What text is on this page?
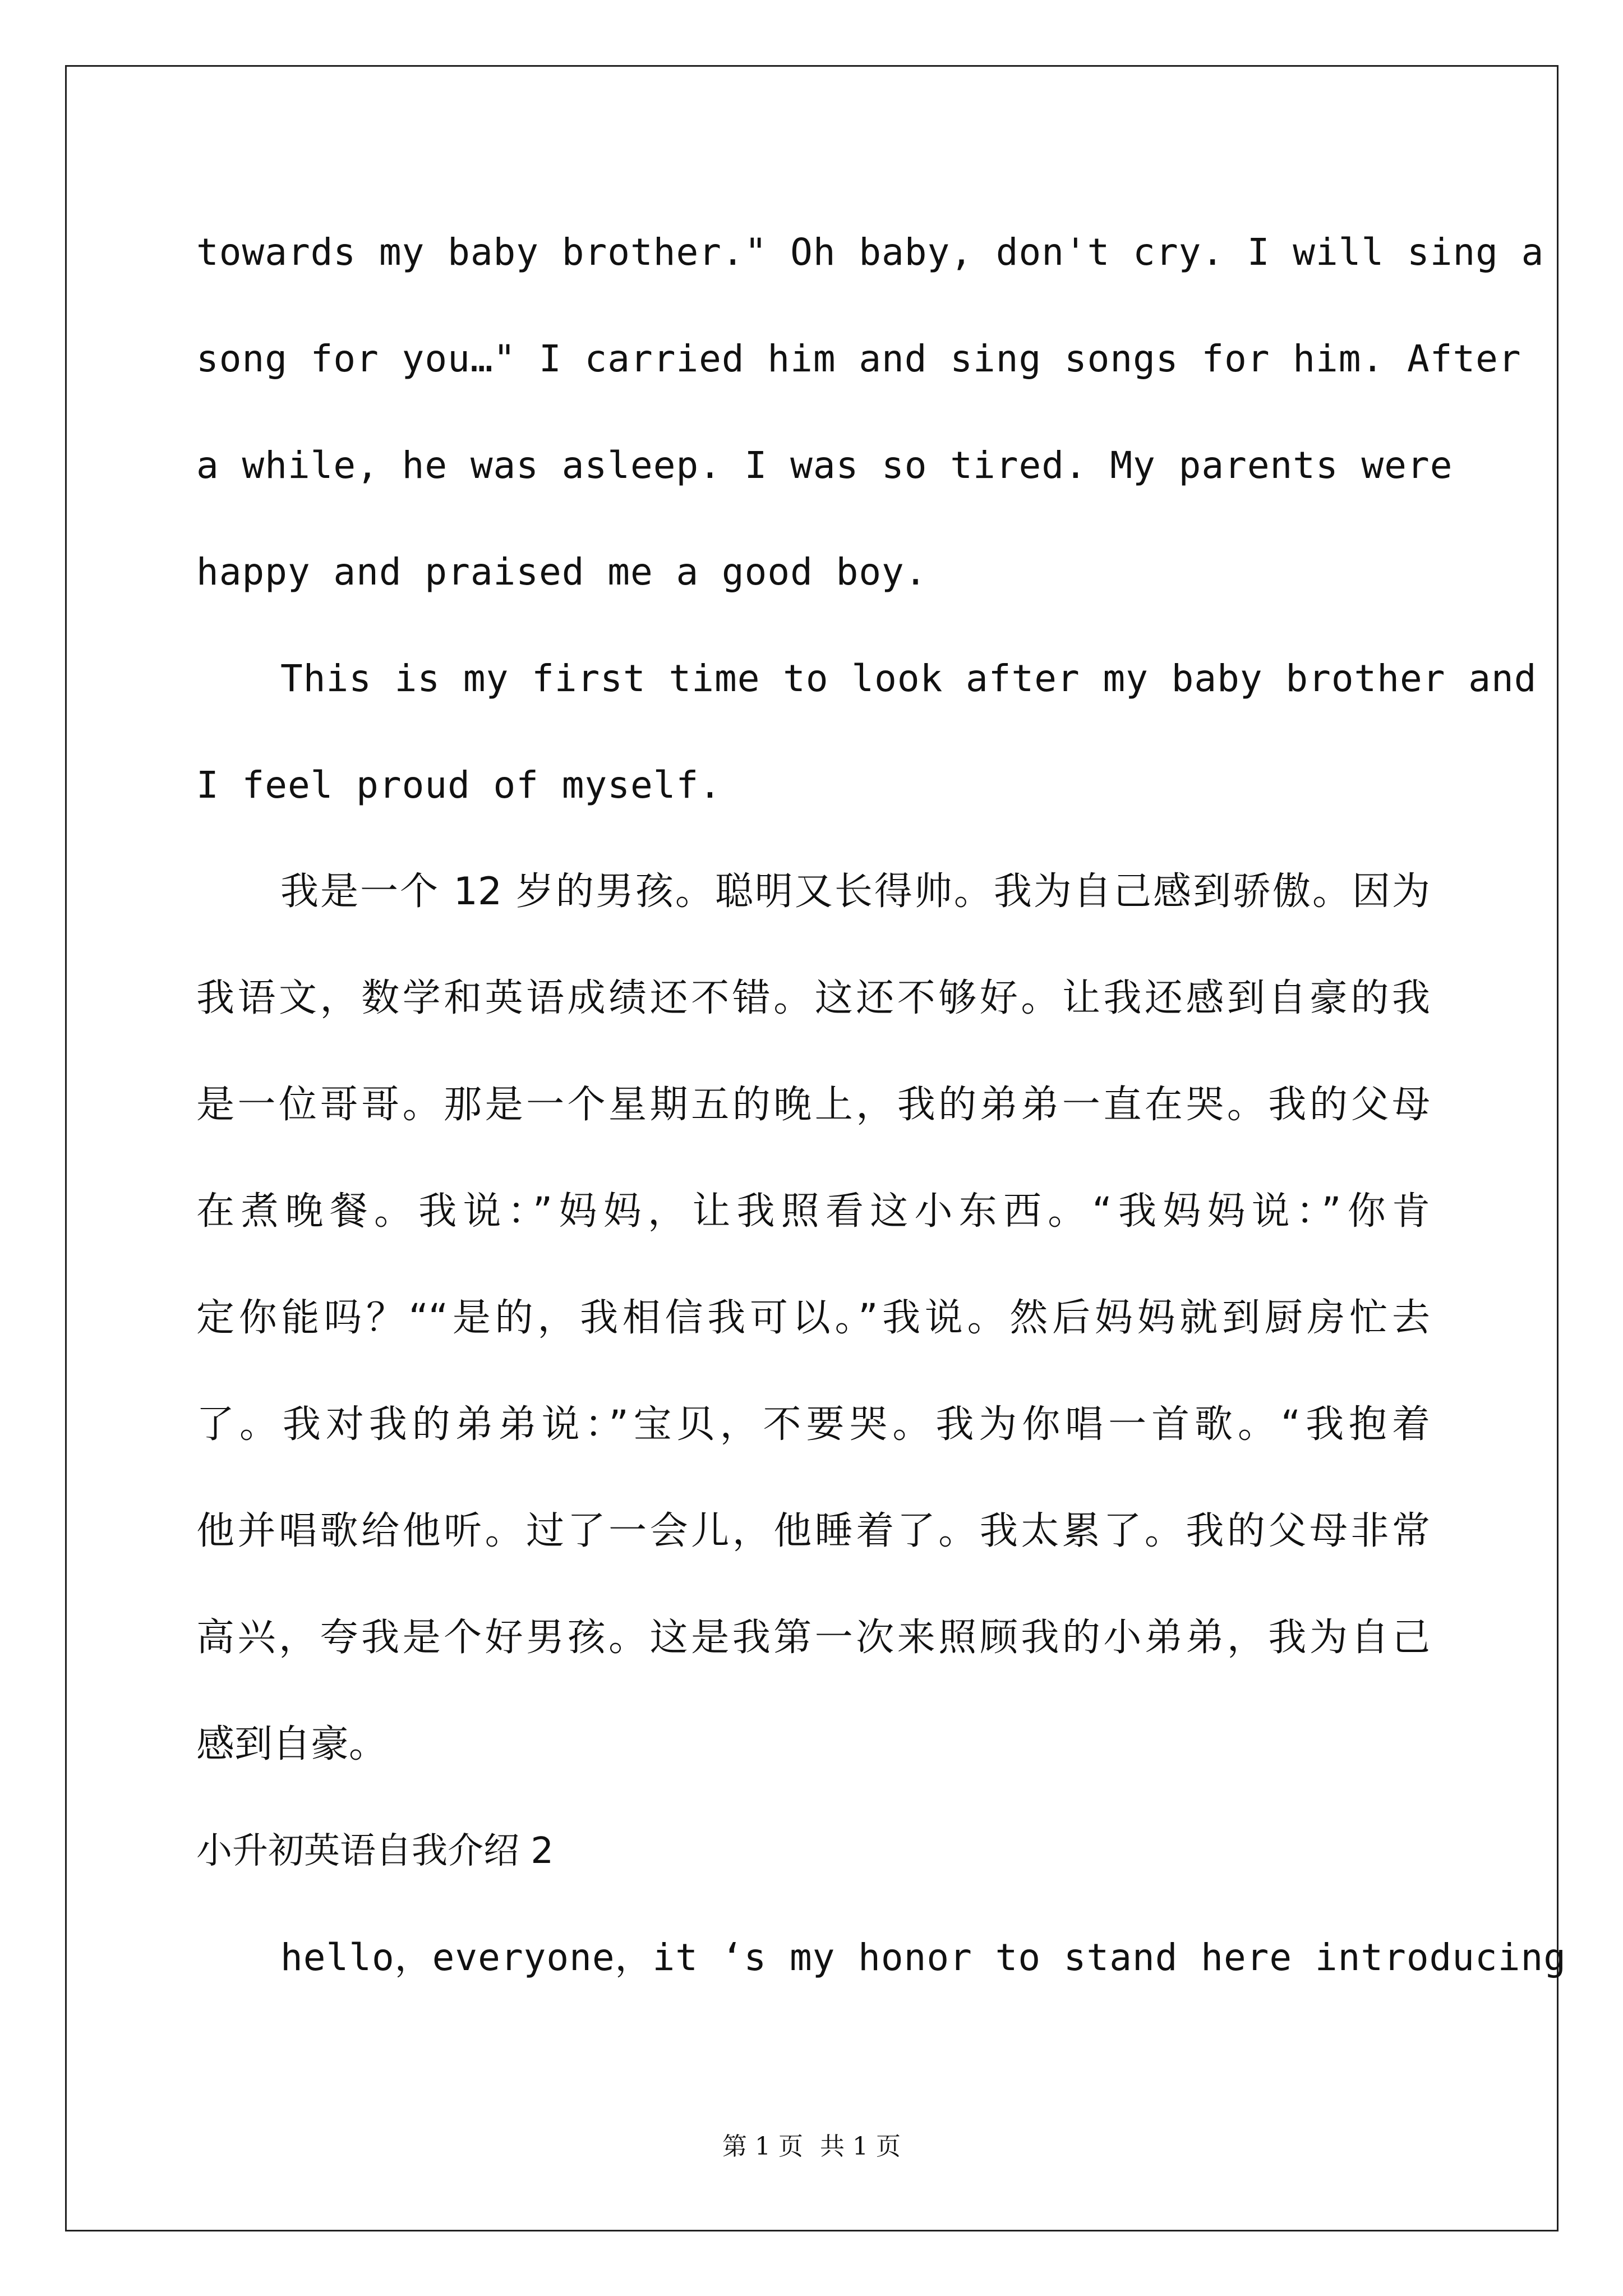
towards my baby brother." Oh baby, don't cry. I will sing a
song for you…" I carried him and sing songs for him. After
a while, he was asleep. I was so tired. My parents were
happy and praised me a good boy.
This is my first time to look after my baby brother and
I feel proud of myself.
我是一个 12 岁的男孩。聪明又长得帅。我为自己感到骄傲。因为
我语文，数学和英语成绩还不错。这还不够好。让我还感到自豪的我
是一位哥哥。那是一个星期五的晚上，我的弟弟一直在哭。我的父母
在煮晚餐。我说：”妈妈，让我照看这小东西。“我妈妈说：”你肯
定你能吗？““是的，我相信我可以。”我说。然后妈妈就到厨房忙去
了。我对我的弟弟说：”宝贝，不要哭。我为你唱一首歌。“我抱着
他并唱歌给他听。过了一会儿，他睡着了。我太累了。我的父母非常
高兴，夸我是个好男孩。这是我第一次来照顾我的小弟弟，我为自己
感到自豪。
小升初英语自我介绍 2
hello，everyone，it ‘s my honor to stand here introducing
第 1 页 共 1 页
